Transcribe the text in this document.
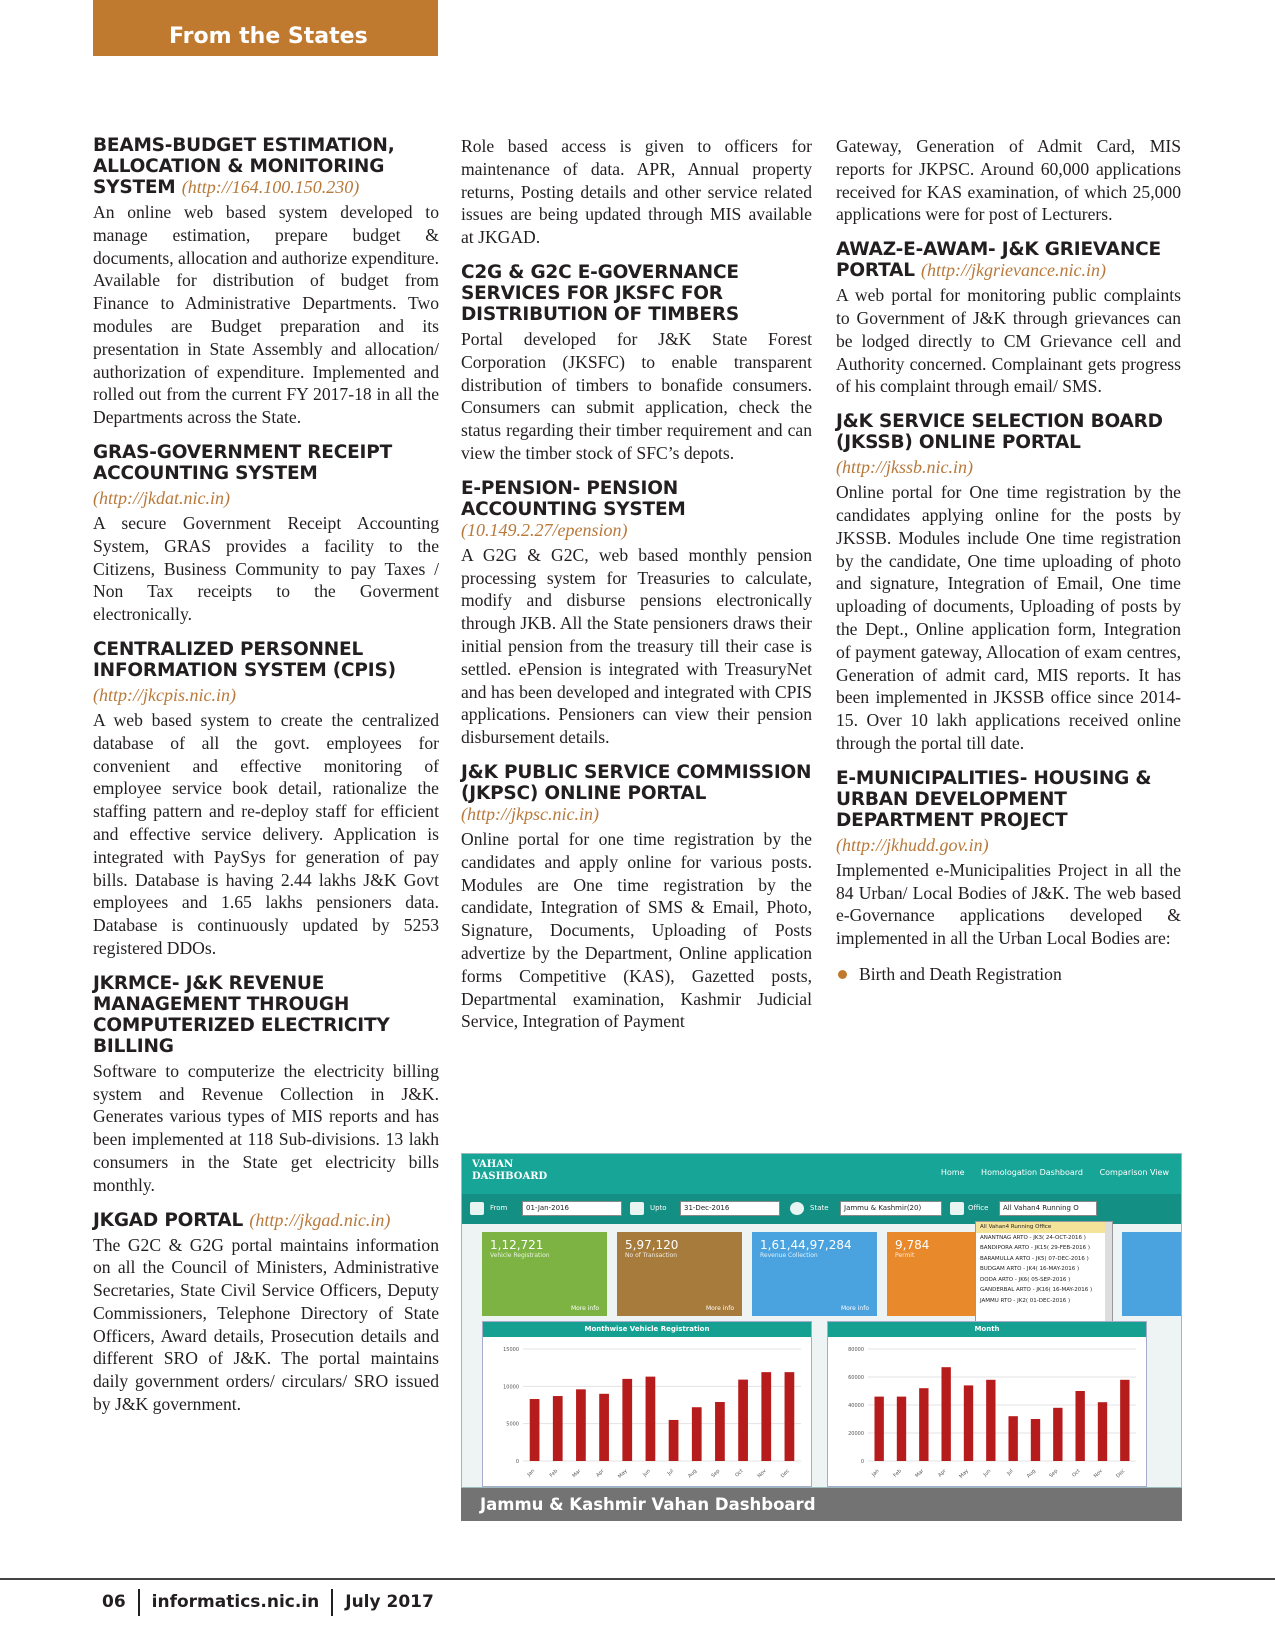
From the States
BEAMS-BUDGET ESTIMATION, ALLOCATION & MONITORING SYSTEM (http://164.100.150.230)

An online web based system developed to manage estimation, prepare budget & documents, allocation and authorize expenditure. Available for distribution of budget from Finance to Administrative Departments. Two modules are Budget preparation and its presentation in State Assembly and allocation/ authorization of expenditure. Implemented and rolled out from the current FY 2017-18 in all the Departments across the State.

GRAS-GOVERNMENT RECEIPT ACCOUNTING SYSTEM
(http://jkdat.nic.in)

A secure Government Receipt Accounting System, GRAS provides a facility to the Citizens, Business Community to pay Taxes / Non Tax receipts to the Goverment electronically.

CENTRALIZED PERSONNEL INFORMATION SYSTEM (CPIS)
(http://jkcpis.nic.in)

A web based system to create the centralized database of all the govt. employees for convenient and effective monitoring of employee service book detail, rationalize the staffing pattern and re-deploy staff for efficient and effective service delivery. Application is integrated with PaySys for generation of pay bills. Database is having 2.44 lakhs J&K Govt employees and 1.65 lakhs pensioners data. Database is continuously updated by 5253 registered DDOs.

JKRMCE- J&K REVENUE MANAGEMENT THROUGH COMPUTERIZED ELECTRICITY BILLING

Software to computerize the electricity billing system and Revenue Collection in J&K. Generates various types of MIS reports and has been implemented at 118 Sub-divisions. 13 lakh consumers in the State get electricity bills monthly.

JKGAD PORTAL (http://jkgad.nic.in)

The G2C & G2G portal maintains information on all the Council of Ministers, Administrative Secretaries, State Civil Service Officers, Deputy Commissioners, Telephone Directory of State Officers, Award details, Prosecution details and different SRO of J&K. The portal maintains daily government orders/ circulars/ SRO issued by J&K government.

Role based access is given to officers for maintenance of data. APR, Annual property returns, Posting details and other service related issues are being updated through MIS available at JKGAD.

C2G & G2C E-GOVERNANCE SERVICES FOR JKSFC FOR DISTRIBUTION OF TIMBERS

Portal developed for J&K State Forest Corporation (JKSFC) to enable transparent distribution of timbers to bonafide consumers. Consumers can submit application, check the status regarding their timber requirement and can view the timber stock of SFC’s depots.

E-PENSION- PENSION ACCOUNTING SYSTEM (10.149.2.27/epension)

A G2G & G2C, web based monthly pension processing system for Treasuries to calculate, modify and disburse pensions electronically through JKB. All the State pensioners draws their initial pension from the treasury till their case is settled. ePension is integrated with TreasuryNet and has been developed and integrated with CPIS applications. Pensioners can view their pension disbursement details.

J&K PUBLIC SERVICE COMMISSION (JKPSC) ONLINE PORTAL (http://jkpsc.nic.in)

Online portal for one time registration by the candidates and apply online for various posts. Modules are One time registration by the candidate, Integration of SMS & Email, Photo, Signature, Documents, Uploading of Posts advertize by the Department, Online application forms Competitive (KAS), Gazetted posts, Departmental examination, Kashmir Judicial Service, Integration of Payment

Gateway, Generation of Admit Card, MIS reports for JKPSC. Around 60,000 applications received for KAS examination, of which 25,000 applications were for post of Lecturers.

AWAZ-E-AWAM- J&K GRIEVANCE PORTAL (http://jkgrievance.nic.in)

A web portal for monitoring public complaints to Government of J&K through grievances can be lodged directly to CM Grievance cell and Authority concerned. Complainant gets progress of his complaint through email/ SMS.

J&K SERVICE SELECTION BOARD (JKSSB) ONLINE PORTAL
(http://jkssb.nic.in)

Online portal for One time registration by the candidates applying online for the posts by JKSSB. Modules include One time registration by the candidate, One time uploading of photo and signature, Integration of Email, One time uploading of documents, Uploading of posts by the Dept., Online application form, Integration of payment gateway, Allocation of exam centres, Generation of admit card, MIS reports. It has been implemented in JKSSB office since 2014-15. Over 10 lakh applications received online through the portal till date.

E-MUNICIPALITIES- HOUSING & URBAN DEVELOPMENT DEPARTMENT PROJECT
(http://jkhudd.gov.in)

Implemented e-Municipalities Project in all the 84 Urban/ Local Bodies of J&K. The web based e-Governance applications developed & implemented in all the Urban Local Bodies are:

Birth and Death Registration
VAHAN
DASHBOARD	Home Homologation Dashboard Comparison View
From	01-Jan-2016	Upto	31-Dec-2016	State	Jammu & Kashmir(20)	Office	All Vahan4 Running O
1,12,721
Vehicle Registration
More info
5,97,120
No of Transaction
More info
1,61,44,97,284
Revenue Collection
More info
9,784
Permit
All Vahan4 Running Office
ANANTNAG ARTO - JK3( 24-OCT-2016 )
BANDIPORA ARTO - JK15( 29-FEB-2016 )
BARAMULLA ARTO - JK5( 07-DEC-2016 )
BUDGAM ARTO - JK4( 16-MAY-2016 )
DODA ARTO - JK6( 05-SEP-2016 )
GANDERBAL ARTO - JK16( 16-MAY-2016 )
JAMMU RTO - JK2( 01-DEC-2016 )
Monthwise Vehicle Registration
0
5000
10000
15000
Jan	Feb Mar	Apr May	Jun	Jul Aug Sep	Oct Nov Dec
Month
0
20000
40000
60000
80000
Jan Feb Mar Apr May	Jun	Jul Aug Sep Oct Nov Dec
Jammu & Kashmir Vahan Dashboard
06 informatics.nic.in July 2017
